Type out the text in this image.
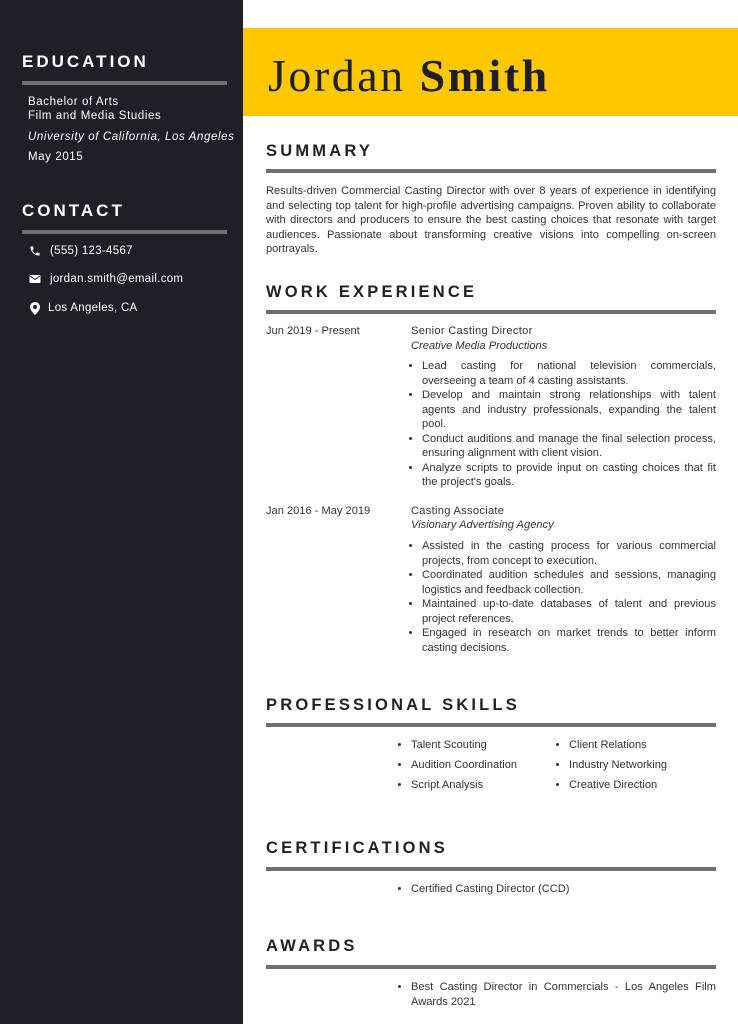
EDUCATION
Bachelor of Arts
Film and Media Studies
University of California, Los Angeles
May 2015
CONTACT
(555) 123-4567
jordan.smith@email.com
Los Angeles, CA
Jordan Smith
SUMMARY

Results-driven Commercial Casting Director with over 8 years of experience in identifying and selecting top talent for high-profile advertising campaigns. Proven ability to collaborate with directors and producers to ensure the best casting choices that resonate with target audiences. Passionate about transforming creative visions into compelling on-screen portrayals.

WORK EXPERIENCE
Jun 2019 - Present	Senior Casting Director
Creative Media Productions
• Lead casting for national television commercials, overseeing a team of 4 casting assistants.
• Develop and maintain strong relationships with talent agents and industry professionals, expanding the talent pool.
• Conduct auditions and manage the final selection process, ensuring alignment with client vision.
• Analyze scripts to provide input on casting choices that fit the project's goals.
Jan 2016 - May 2019	Casting Associate
Visionary Advertising Agency
• Assisted in the casting process for various commercial projects, from concept to execution.
• Coordinated audition schedules and sessions, managing logistics and feedback collection.
• Maintained up-to-date databases of talent and previous project references.
• Engaged in research on market trends to better inform casting decisions.
PROFESSIONAL SKILLS
• Talent Scouting
• Audition Coordination
• Script Analysis
• Client Relations
• Industry Networking
• Creative Direction
CERTIFICATIONS
• Certified Casting Director (CCD)
AWARDS
• Best Casting Director in Commercials - Los Angeles Film Awards 2021
